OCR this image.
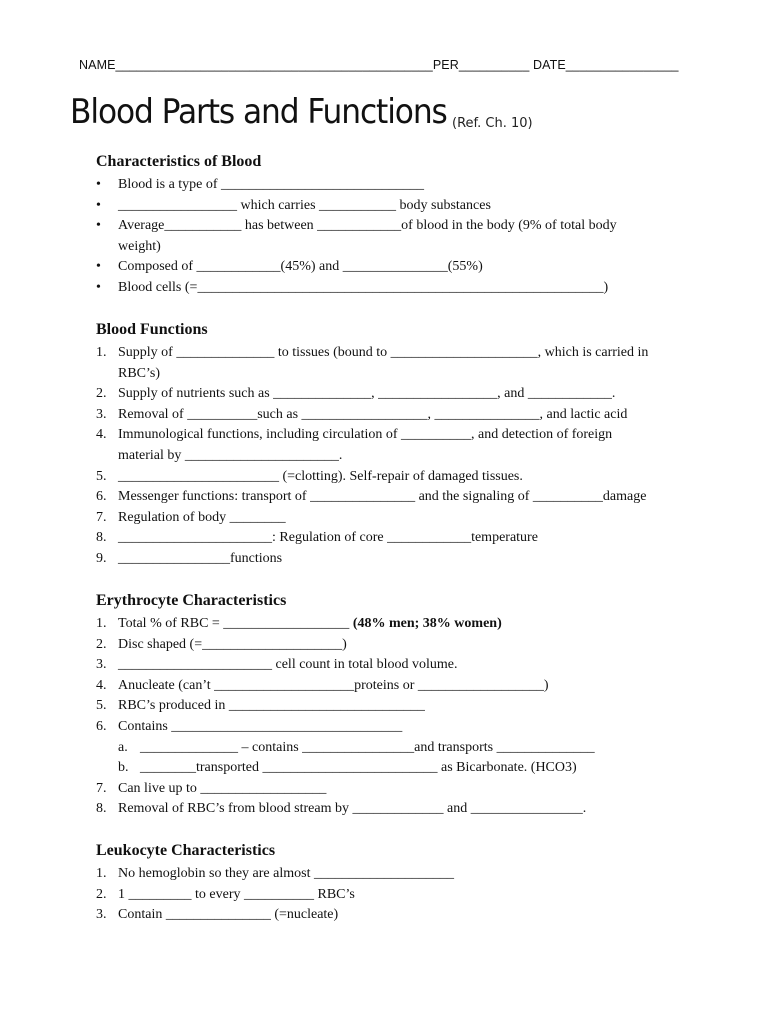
NAME_____________________________________________PER__________ DATE________________
Blood Parts and Functions (Ref. Ch. 10)
Characteristics of Blood
• Blood is a type of _____________________________
• _________________ which carries ___________ body substances
• Average___________ has between ____________of blood in the body (9% of total body
weight)
• Composed of ____________(45%) and _______________(55%)
• Blood cells (=__________________________________________________________)
Blood Functions
1. Supply of ______________ to tissues (bound to _____________________, which is carried in
RBC’s)
2. Supply of nutrients such as ______________, _________________, and ____________.
3. Removal of __________such as __________________, _______________, and lactic acid
4. Immunological functions, including circulation of __________, and detection of foreign
material by ______________________.
5. _______________________ (=clotting). Self-repair of damaged tissues.
6. Messenger functions: transport of _______________ and the signaling of __________damage
7. Regulation of body ________
8. ______________________: Regulation of core ____________temperature
9. ________________functions
Erythrocyte Characteristics
1. Total % of RBC = __________________ (48% men; 38% women)
2. Disc shaped (=____________________)
3. ______________________ cell count in total blood volume.
4. Anucleate (can’t ____________________proteins or __________________)
5. RBC’s produced in ____________________________
6. Contains _________________________________
a. ______________ – contains ________________and transports ______________
b. ________transported _________________________ as Bicarbonate. (HCO3)
7. Can live up to __________________
8. Removal of RBC’s from blood stream by _____________ and ________________.
Leukocyte Characteristics
1. No hemoglobin so they are almost ____________________
2. 1 _________ to every __________ RBC’s
3. Contain _______________ (=nucleate)
